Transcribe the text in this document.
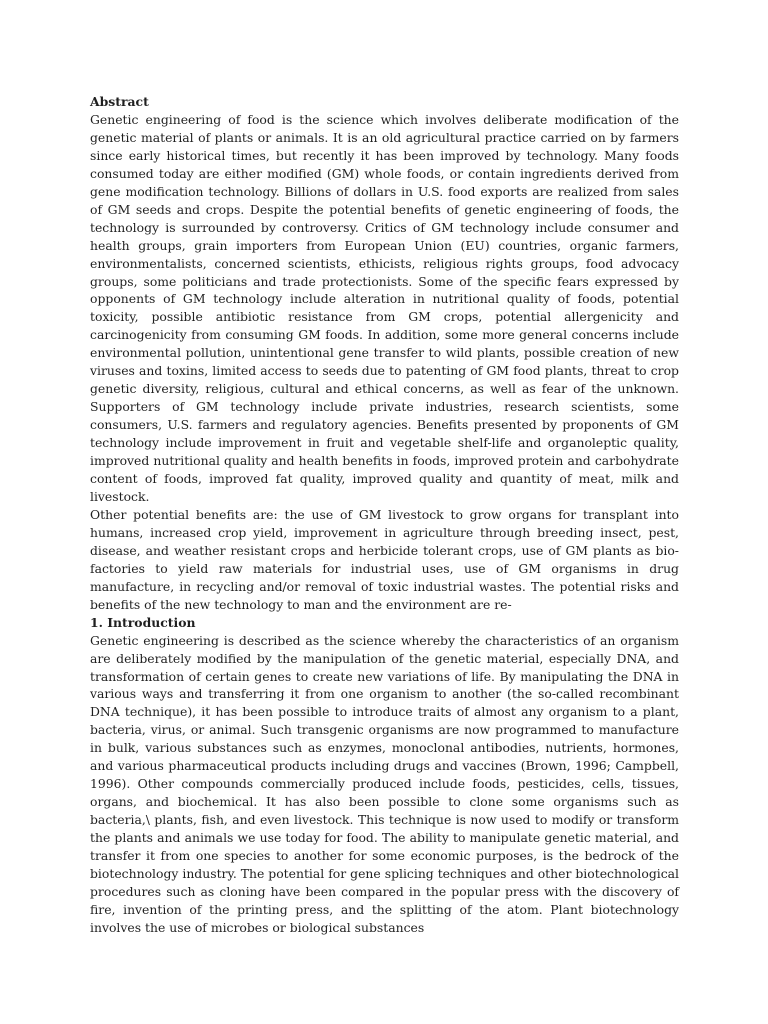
Abstract

Genetic engineering of food is the science which involves deliberate modification of the genetic material of plants or animals. It is an old agricultural practice carried on by farmers since early historical times, but recently it has been improved by technology. Many foods consumed today are either modified (GM) whole foods, or contain ingredients derived from gene modification technology. Billions of dollars in U.S. food exports are realized from sales of GM seeds and crops. Despite the potential benefits of genetic engineering of foods, the technology is surrounded by controversy. Critics of GM technology include consumer and health groups, grain importers from European Union (EU) countries, organic farmers, environmentalists, concerned scientists, ethicists, religious rights groups, food advocacy groups, some politicians and trade protectionists. Some of the specific fears expressed by opponents of GM technology include alteration in nutritional quality of foods, potential toxicity, possible antibiotic resistance from GM crops, potential allergenicity and carcinogenicity from consuming GM foods. In addition, some more general concerns include environmental pollution, unintentional gene transfer to wild plants, possible creation of new viruses and toxins, limited access to seeds due to patenting of GM food plants, threat to crop genetic diversity, religious, cultural and ethical concerns, as well as fear of the unknown. Supporters of GM technology include private industries, research scientists, some consumers, U.S. farmers and regulatory agencies. Benefits presented by proponents of GM technology include improvement in fruit and vegetable shelf-life and organoleptic quality, improved nutritional quality and health benefits in foods, improved protein and carbohydrate content of foods, improved fat quality, improved quality and quantity of meat, milk and livestock.

Other potential benefits are: the use of GM livestock to grow organs for transplant into humans, increased crop yield, improvement in agriculture through breeding insect, pest, disease, and weather resistant crops and herbicide tolerant crops, use of GM plants as bio-factories to yield raw materials for industrial uses, use of GM organisms in drug manufacture, in recycling and/or removal of toxic industrial wastes. The potential risks and benefits of the new technology to man and the environment are re-

1. Introduction

Genetic engineering is described as the science whereby the characteristics of an organism are deliberately modified by the manipulation of the genetic material, especially DNA, and transformation of certain genes to create new variations of life. By manipulating the DNA in various ways and transferring it from one organism to another (the so-called recombinant DNA technique), it has been possible to introduce traits of almost any organism to a plant, bacteria, virus, or animal. Such transgenic organisms are now programmed to manufacture in bulk, various substances such as enzymes, monoclonal antibodies, nutrients, hormones, and various pharmaceutical products including drugs and vaccines (Brown, 1996; Campbell, 1996). Other compounds commercially produced include foods, pesticides, cells, tissues, organs, and biochemical. It has also been possible to clone some organisms such as bacteria,\ plants, fish, and even livestock. This technique is now used to modify or transform the plants and animals we use today for food. The ability to manipulate genetic material, and transfer it from one species to another for some economic purposes, is the bedrock of the biotechnology industry. The potential for gene splicing techniques and other biotechnological procedures such as cloning have been compared in the popular press with the discovery of fire, invention of the printing press, and the splitting of the atom. Plant biotechnology involves the use of microbes or biological substances
